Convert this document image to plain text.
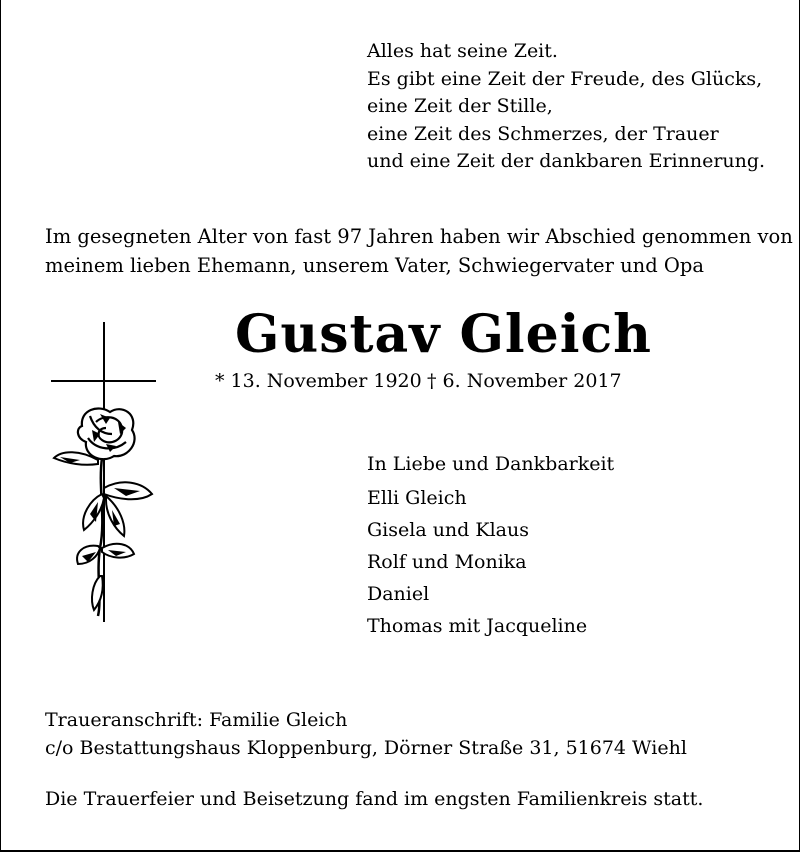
Alles hat seine Zeit.
Es gibt eine Zeit der Freude, des Glücks,
eine Zeit der Stille,
eine Zeit des Schmerzes, der Trauer
und eine Zeit der dankbaren Erinnerung.
Im gesegneten Alter von fast 97 Jahren haben wir Abschied genommen von
meinem lieben Ehemann, unserem Vater, Schwiegervater und Opa
Gustav Gleich
* 13. November 1920 † 6. November 2017
In Liebe und Dankbarkeit
Elli Gleich
Gisela und Klaus
Rolf und Monika
Daniel
Thomas mit Jacqueline
Traueranschrift: Familie Gleich
c/o Bestattungshaus Kloppenburg, Dörner Straße 31, 51674 Wiehl
Die Trauerfeier und Beisetzung fand im engsten Familienkreis statt.
